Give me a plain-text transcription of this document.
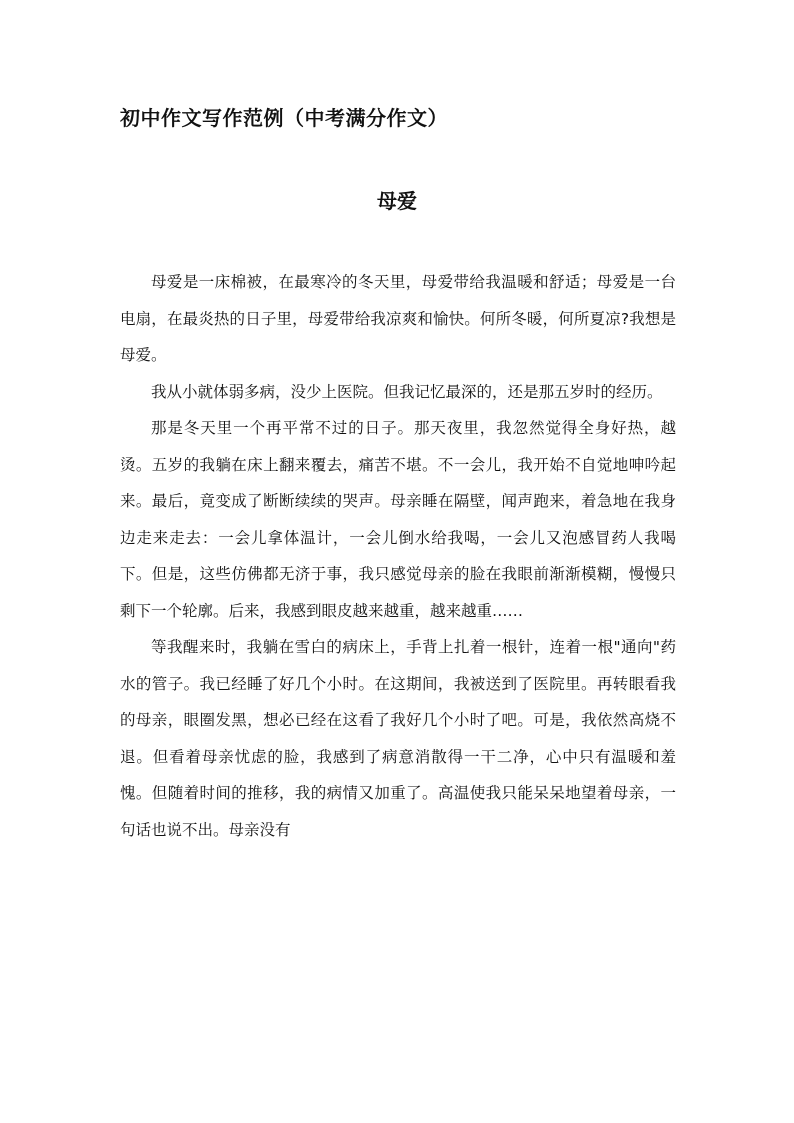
初中作文写作范例（中考满分作文）
母爱

母爱是一床棉被，在最寒冷的冬天里，母爱带给我温暖和舒适；母爱是一台电扇，在最炎热的日子里，母爱带给我凉爽和愉快。何所冬暖，何所夏凉?我想是母爱。

我从小就体弱多病，没少上医院。但我记忆最深的，还是那五岁时的经历。

那是冬天里一个再平常不过的日子。那天夜里，我忽然觉得全身好热，越烫。五岁的我躺在床上翻来覆去，痛苦不堪。不一会儿，我开始不自觉地呻吟起来。最后，竟变成了断断续续的哭声。母亲睡在隔壁，闻声跑来，着急地在我身边走来走去：一会儿拿体温计，一会儿倒水给我喝，一会儿又泡感冒药人我喝下。但是，这些仿佛都无济于事，我只感觉母亲的脸在我眼前渐渐模糊，慢慢只剩下一个轮廓。后来，我感到眼皮越来越重，越来越重……

等我醒来时，我躺在雪白的病床上，手背上扎着一根针，连着一根"通向"药水的管子。我已经睡了好几个小时。在这期间，我被送到了医院里。再转眼看我的母亲，眼圈发黑，想必已经在这看了我好几个小时了吧。可是，我依然高烧不退。但看着母亲忧虑的脸，我感到了病意消散得一干二净，心中只有温暖和羞愧。但随着时间的推移，我的病情又加重了。高温使我只能呆呆地望着母亲，一句话也说不出。母亲没有
